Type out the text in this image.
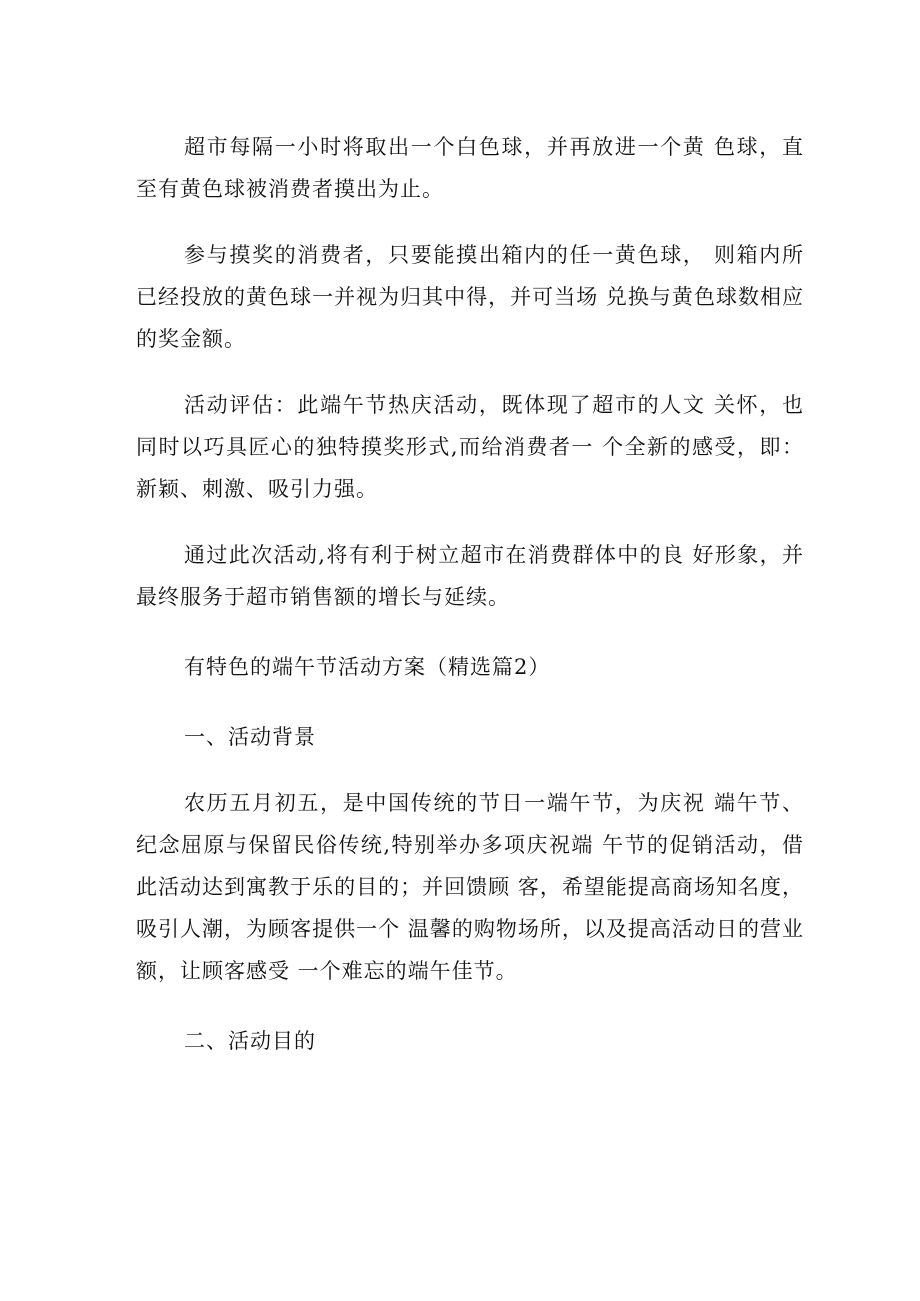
超市每隔一小时将取出一个白色球，并再放进一个黄 色球，直至有黄色球被消费者摸出为止。

参与摸奖的消费者，只要能摸出箱内的任一黄色球， 则箱内所已经投放的黄色球一并视为归其中得，并可当场 兑换与黄色球数相应的奖金额。

活动评估：此端午节热庆活动，既体现了超市的人文 关怀，也同时以巧具匠心的独特摸奖形式,而给消费者一 个全新的感受，即：新颖、刺激、吸引力强。

通过此次活动,将有利于树立超市在消费群体中的良 好形象，并最终服务于超市销售额的增长与延续。

有特色的端午节活动方案（精选篇2）

一、活动背景

农历五月初五，是中国传统的节日一端午节，为庆祝 端午节、纪念屈原与保留民俗传统,特别举办多项庆祝端 午节的促销活动，借此活动达到寓教于乐的目的；并回馈顾 客，希望能提高商场知名度，吸引人潮，为顾客提供一个 温馨的购物场所，以及提高活动日的营业额，让顾客感受 一个难忘的端午佳节。

二、活动目的
